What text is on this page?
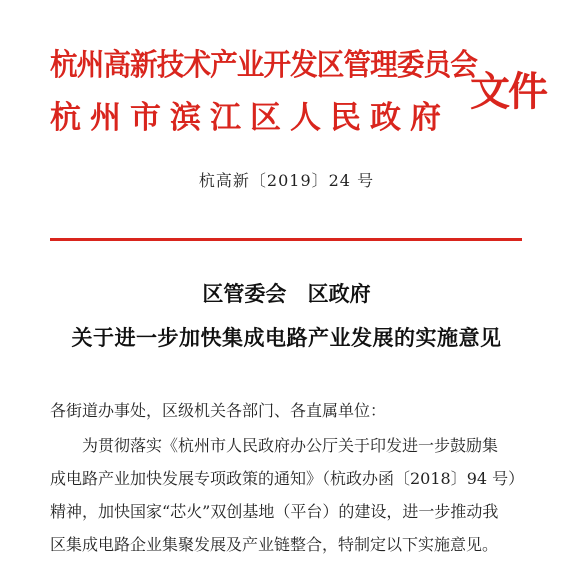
杭州高新技术产业开发区管理委员会
杭州市滨江区人民政府
文件
杭高新〔2019〕24 号
区管委会 区政府
关于进一步加快集成电路产业发展的实施意见
各街道办事处，区级机关各部门、各直属单位：
为贯彻落实《杭州市人民政府办公厅关于印发进一步鼓励集
成电路产业加快发展专项政策的通知》（杭政办函〔2018〕94 号）
精神，加快国家“芯火”双创基地（平台）的建设，进一步推动我
区集成电路企业集聚发展及产业链整合，特制定以下实施意见。
